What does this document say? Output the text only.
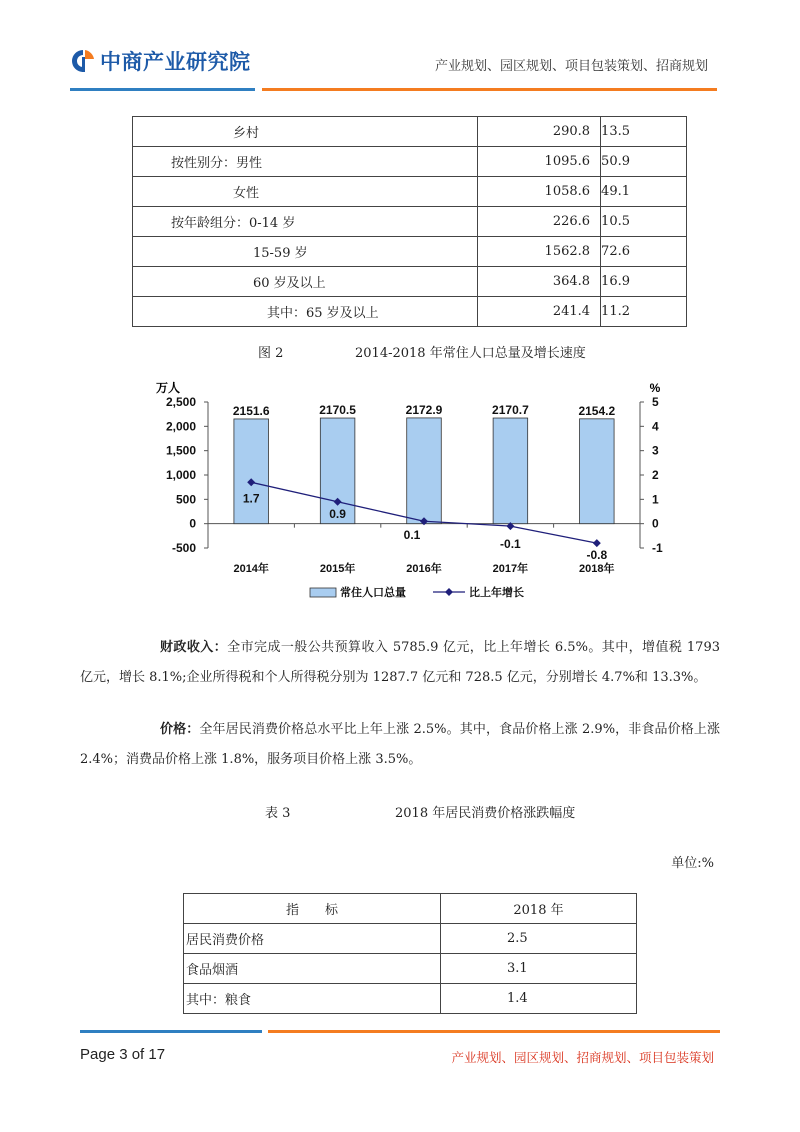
中商产业研究院	产业规划、园区规划、项目包装策划、招商规划
乡村	290.8	13.5
按性别分：男性	1095.6	50.9
女性	1058.6	49.1
按年龄组分：0-14 岁	226.6	10.5
15-59 岁	1562.8	72.6
60 岁及以上	364.8	16.9
其中：65 岁及以上	241.4	11.2
图 2	2014-2018 年常住人口总量及增长速度
万人	%
2,500
2,000
1,500
1,000
500
0
-500
5
4
3
2
1
0
-1
2151.6
2014年
2170.5
2015年
2172.9
2016年
2170.7
2017年
2154.2
2018年
1.7
0.9
0.1
-0.1
-0.8
常住人口总量	比上年增长
财政收入：全市完成一般公共预算收入 5785.9 亿元，比上年增长 6.5%。其中，增值税 1793 亿元，增长 8.1%;企业所得税和个人所得税分别为 1287.7 亿元和 728.5 亿元，分别增长 4.7%和 13.3%。
价格：全年居民消费价格总水平比上年上涨 2.5%。其中，食品价格上涨 2.9%，非食品价格上涨 2.4%；消费品价格上涨 1.8%，服务项目价格上涨 3.5%。
表 3	2018 年居民消费价格涨跌幅度
单位:%
指　　标	2018 年
居民消费价格	2.5
食品烟酒	3.1
其中：粮食	1.4
Page 3 of 17	产业规划、园区规划、招商规划、项目包装策划
